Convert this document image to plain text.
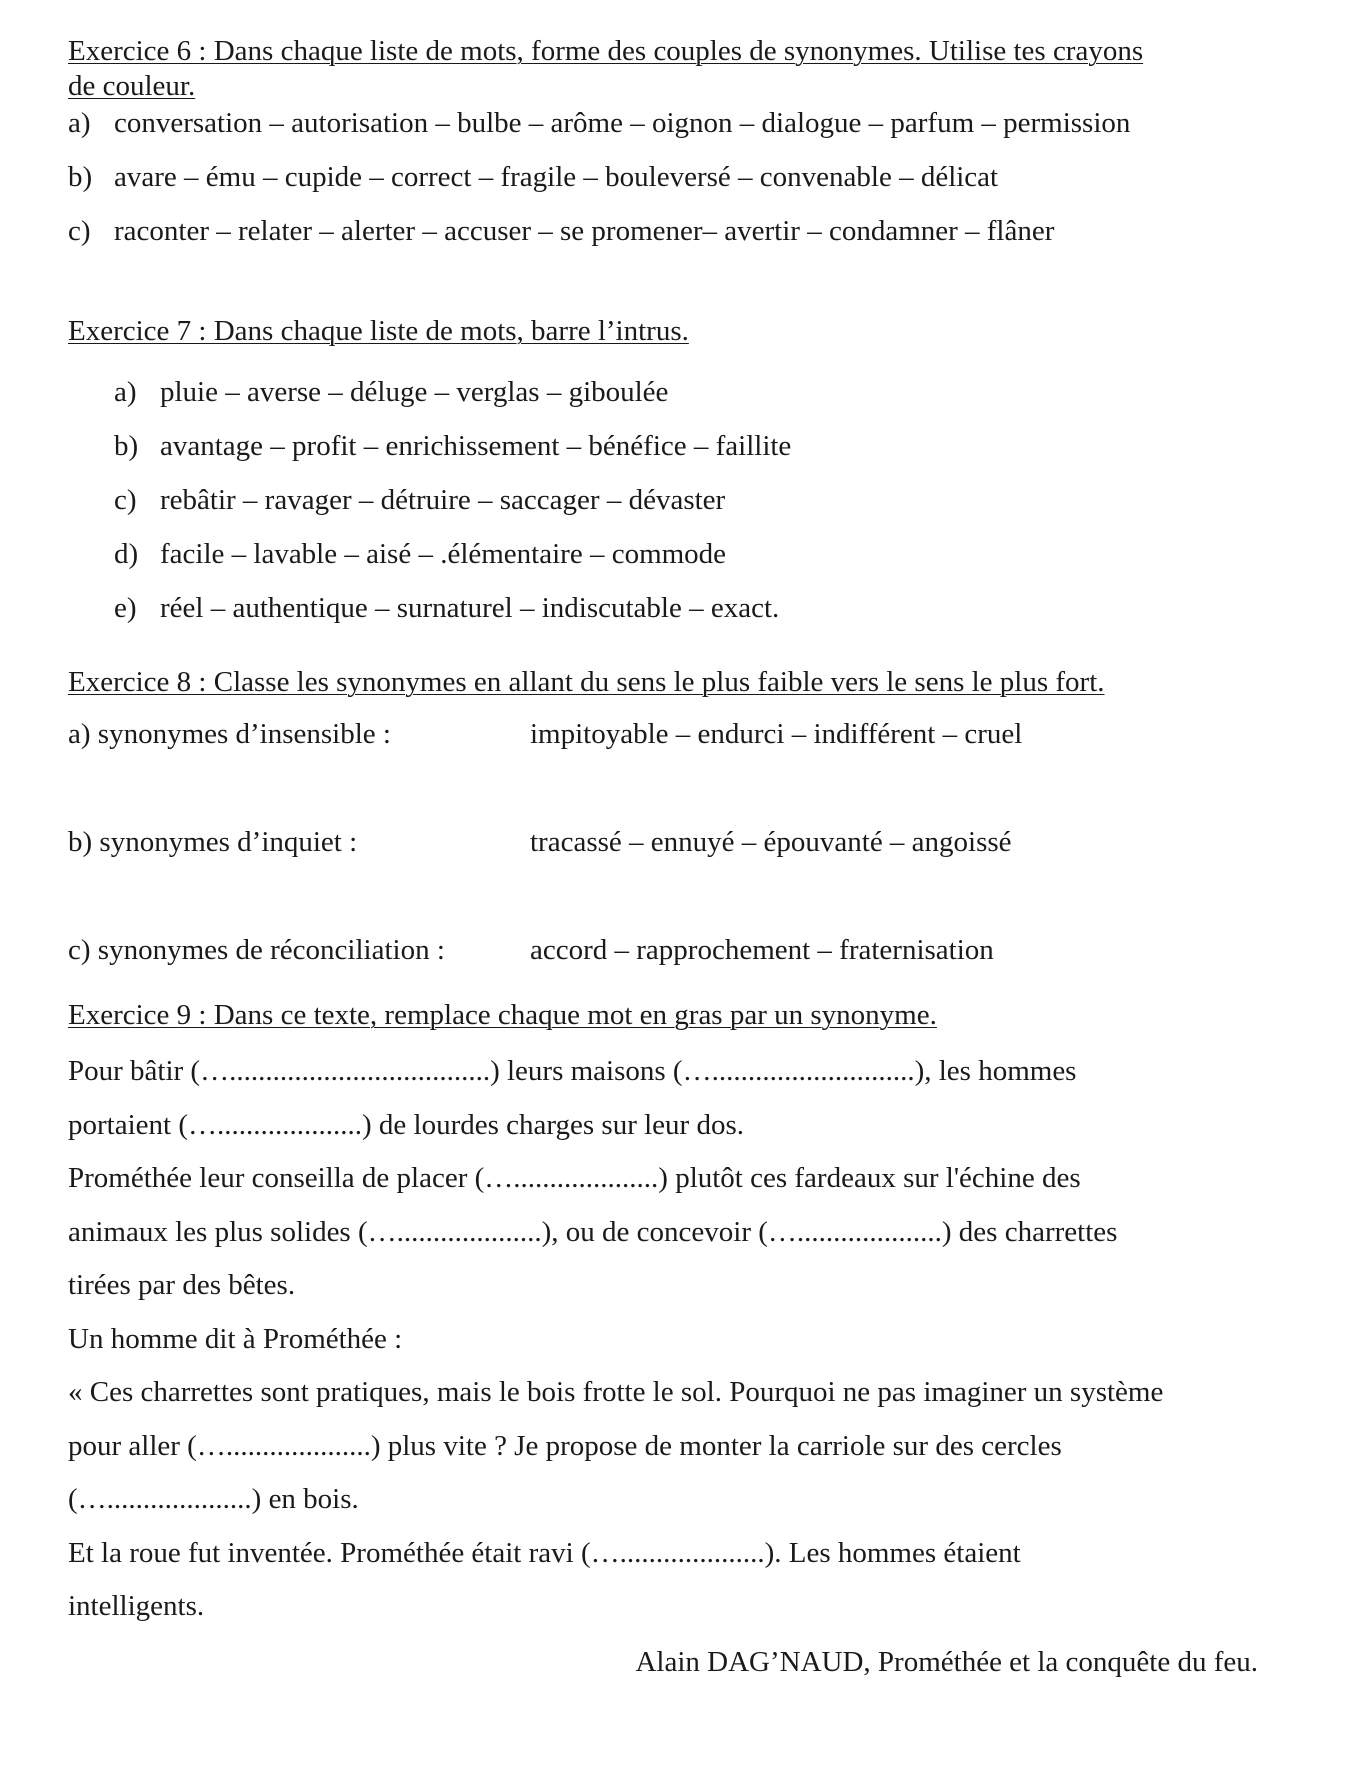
Exercice 6 : Dans chaque liste de mots, forme des couples de synonymes. Utilise tes crayons

de couleur.

a) conversation – autorisation – bulbe – arôme – oignon – dialogue – parfum – permission
b) avare – ému – cupide – correct – fragile – bouleversé – convenable – délicat
c) raconter – relater – alerter – accuser – se promener– avertir – condamner – flâner

Exercice 7 : Dans chaque liste de mots, barre l’intrus.

a) pluie – averse – déluge – verglas – giboulée
b) avantage – profit – enrichissement – bénéfice – faillite
c) rebâtir – ravager – détruire – saccager – dévaster
d) facile – lavable – aisé – .élémentaire – commode
e) réel – authentique – surnaturel – indiscutable – exact.

Exercice 8 : Classe les synonymes en allant du sens le plus faible vers le sens le plus fort.

a) synonymes d’insensible :	impitoyable – endurci – indifférent – cruel
b) synonymes d’inquiet :	tracassé – ennuyé – épouvanté – angoissé
c) synonymes de réconciliation :	accord – rapprochement – fraternisation

Exercice 9 : Dans ce texte, remplace chaque mot en gras par un synonyme.

Pour bâtir (…....................................) leurs maisons (…............................), les hommes

portaient (…....................) de lourdes charges sur leur dos.

Prométhée leur conseilla de placer (…....................) plutôt ces fardeaux sur l'échine des

animaux les plus solides (…....................), ou de concevoir (…....................) des charrettes

tirées par des bêtes.

Un homme dit à Prométhée :

« Ces charrettes sont pratiques, mais le bois frotte le sol. Pourquoi ne pas imaginer un système

pour aller (…....................) plus vite ? Je propose de monter la carriole sur des cercles

(…....................) en bois.

Et la roue fut inventée. Prométhée était ravi (…....................). Les hommes étaient

intelligents.

Alain DAG’NAUD, Prométhée et la conquête du feu.
